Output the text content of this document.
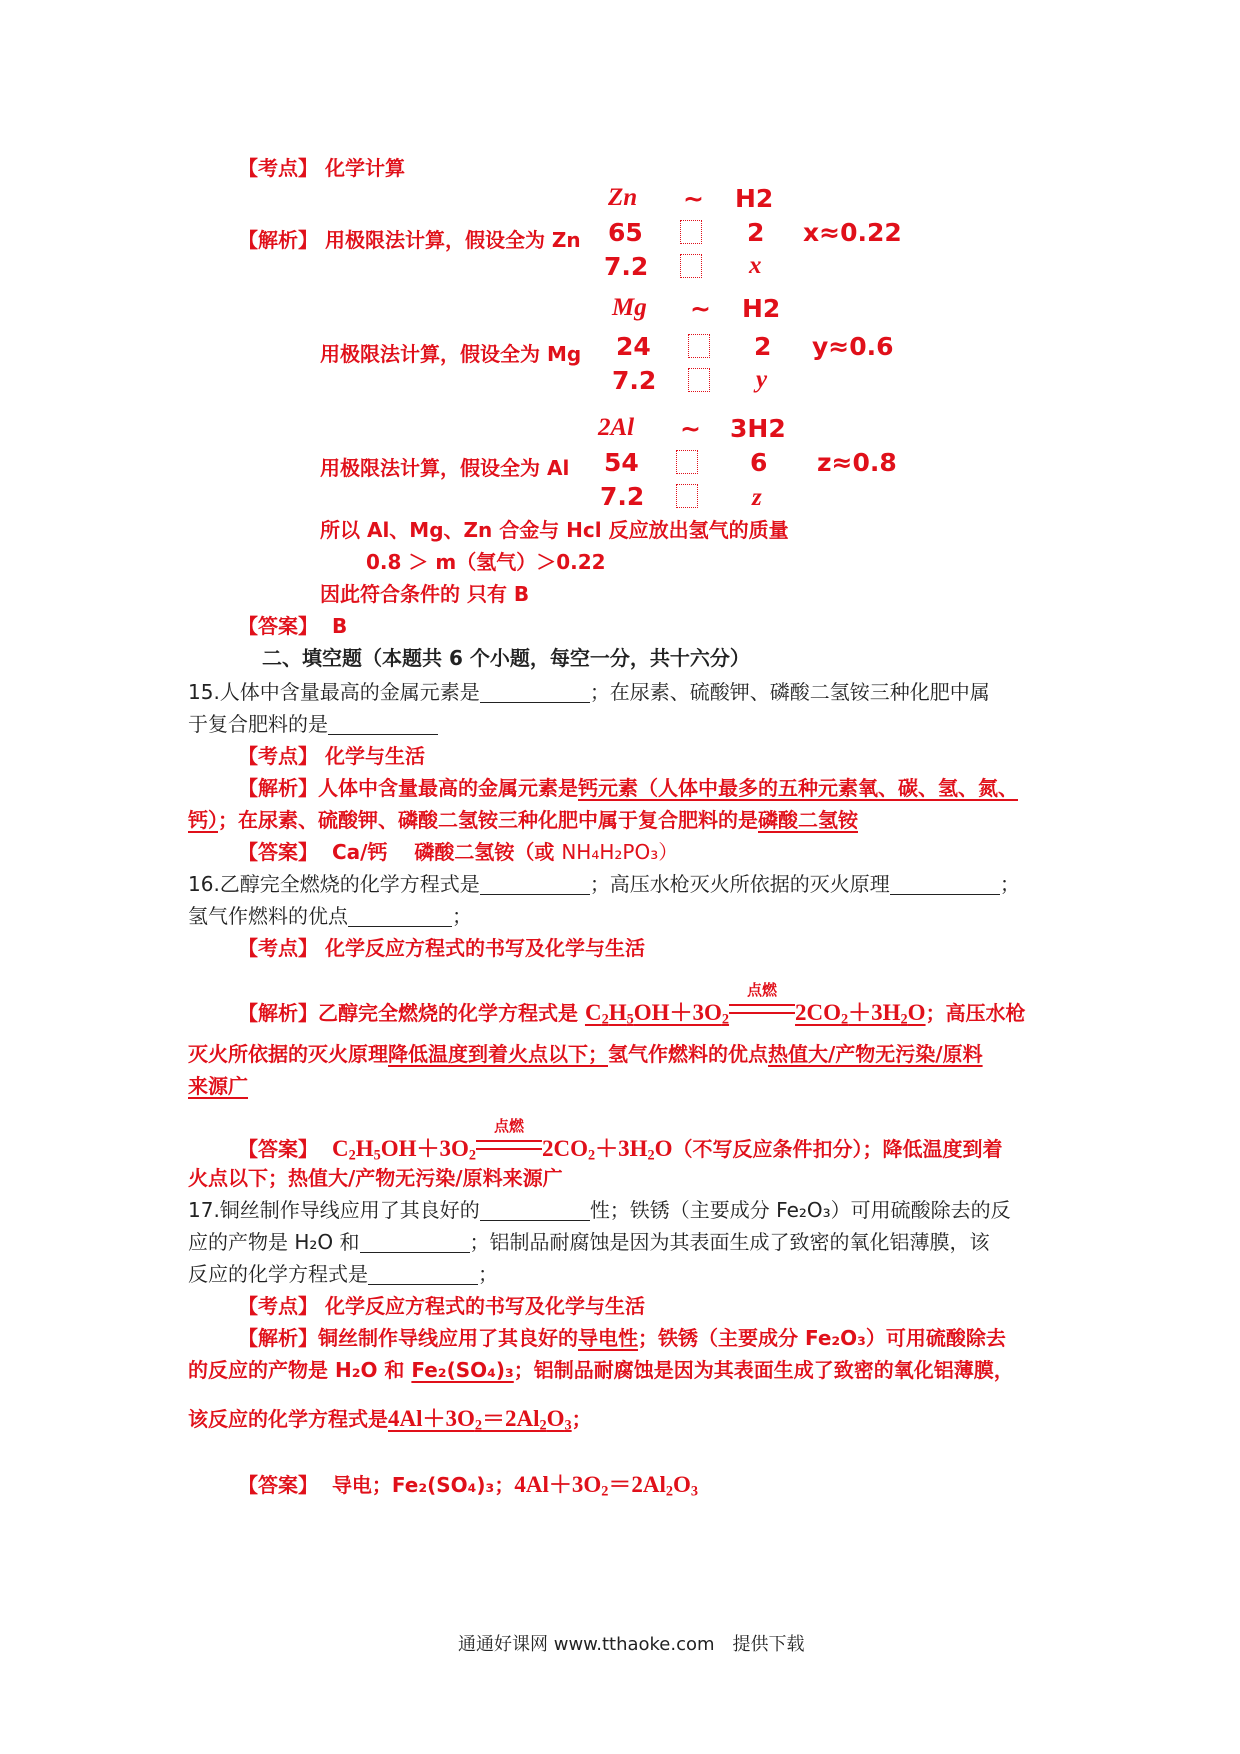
【考点】 化学计算
Zn ~ H2
【解析】 用极限法计算，假设全为 Zn 65	2 x≈0.22
7.2	x
Mg ~ H2
用极限法计算，假设全为 Mg 24	2 y≈0.6
7.2	y
2Al ~ 3H2
用极限法计算，假设全为 Al 54	6 z≈0.8
7.2	z
所以 Al、Mg、Zn 合金与 Hcl 反应放出氢气的质量
0.8 ＞ m（氢气）＞0.22
因此符合条件的 只有 B
【答案】 B
二、填空题（本题共 6 个小题，每空一分，共十六分）
15.人体中含量最高的金属元素是	；在尿素、硫酸钾、磷酸二氢铵三种化肥中属
于复合肥料的是
【考点】 化学与生活
【解析】人体中含量最高的金属元素是钙元素（人体中最多的五种元素氧、碳、氢、氮、
钙）；在尿素、硫酸钾、磷酸二氢铵三种化肥中属于复合肥料的是磷酸二氢铵
【答案】 Ca/钙　 磷酸二氢铵（或 NH₄H₂PO₃）
16.乙醇完全燃烧的化学方程式是	；高压水枪灭火所依据的灭火原理	；
氢气作燃料的优点	；
【考点】 化学反应方程式的书写及化学与生活
【解析】乙醇完全燃烧的化学方程式是 $C_2H_5OH+3O_2$
点燃
$2CO_2+3H_2O$；高压水枪
灭火所依据的灭火原理降低温度到着火点以下；氢气作燃料的优点热值大/产物无污染/原料
来源广
【答案】 $C_2H_5OH+3O_2$
点燃
$2CO_2+3H_2O$（不写反应条件扣分）；降低温度到着
火点以下；热值大/产物无污染/原料来源广
17.铜丝制作导线应用了其良好的	性；铁锈（主要成分 Fe₂O₃）可用硫酸除去的反
应的产物是 H₂O 和	；铝制品耐腐蚀是因为其表面生成了致密的氧化铝薄膜，该
反应的化学方程式是	；
【考点】 化学反应方程式的书写及化学与生活
【解析】铜丝制作导线应用了其良好的导电性；铁锈（主要成分 Fe₂O₃）可用硫酸除去
的反应的产物是 H₂O 和 Fe₂(SO₄)₃；铝制品耐腐蚀是因为其表面生成了致密的氧化铝薄膜，
该反应的化学方程式是$4Al+3O_2=2Al_2O_3$；
【答案】 导电；Fe₂(SO₄)₃；$4Al+3O_2=2Al_2O_3$
通通好课网 www.tthaoke.com　提供下载
